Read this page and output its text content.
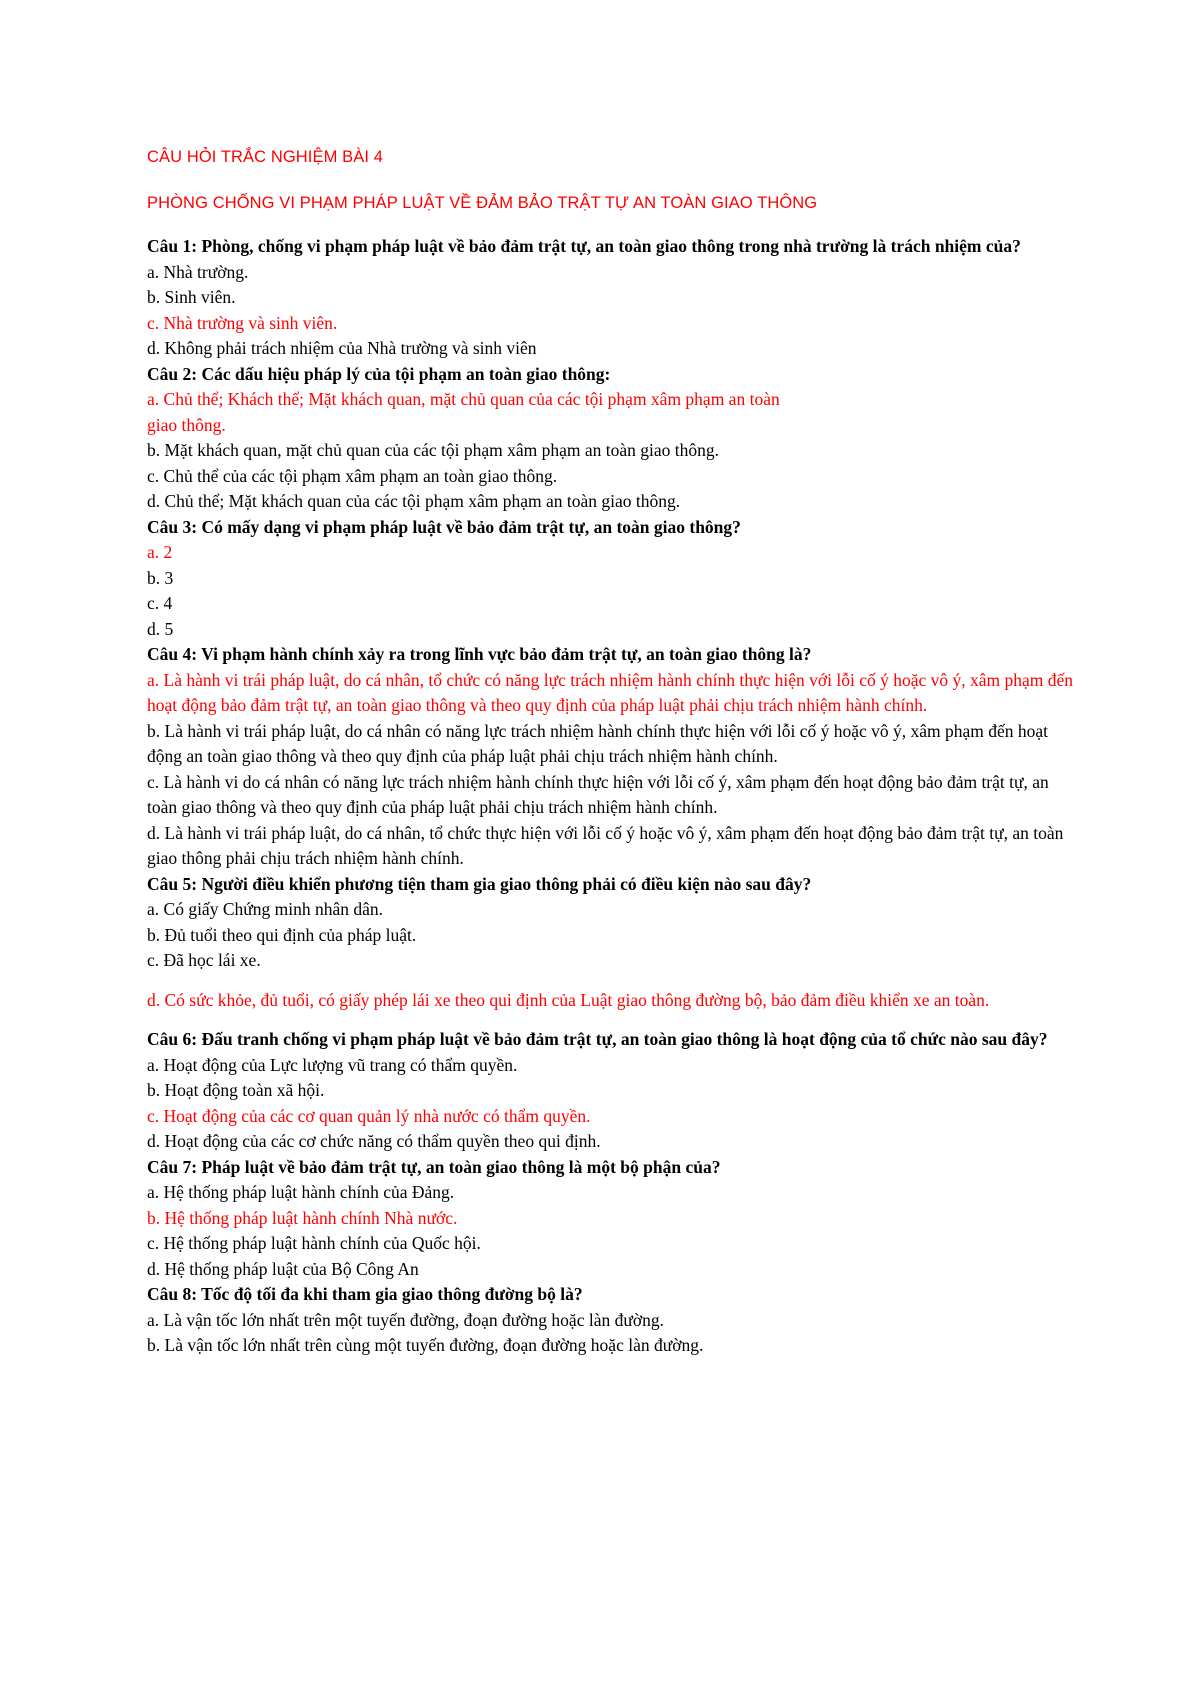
CÂU HỎI TRẮC NGHIỆM BÀI 4
PHÒNG CHỐNG VI PHẠM PHÁP LUẬT VỀ ĐẢM BẢO TRẬT TỰ AN TOÀN GIAO THÔNG
Câu 1: Phòng, chống vi phạm pháp luật về bảo đảm trật tự, an toàn giao thông trong nhà trường là trách nhiệm của?
a. Nhà trường.
b. Sinh viên.
c. Nhà trường và sinh viên.
d. Không phải trách nhiệm của Nhà trường và sinh viên
Câu 2: Các dấu hiệu pháp lý của tội phạm an toàn giao thông:
a. Chủ thể; Khách thể; Mặt khách quan, mặt chủ quan của các tội phạm xâm phạm an toàn giao thông.
b. Mặt khách quan, mặt chủ quan của các tội phạm xâm phạm an toàn giao thông.
c. Chủ thể của các tội phạm xâm phạm an toàn giao thông.
d. Chủ thể; Mặt khách quan của các tội phạm xâm phạm an toàn giao thông.
Câu 3: Có mấy dạng vi phạm pháp luật về bảo đảm trật tự, an toàn giao thông?
a. 2
b. 3
c. 4
d. 5
Câu 4: Vi phạm hành chính xảy ra trong lĩnh vực bảo đảm trật tự, an toàn giao thông là?
a. Là hành vi trái pháp luật, do cá nhân, tổ chức có năng lực trách nhiệm hành chính thực hiện với lỗi cố ý hoặc vô ý, xâm phạm đến hoạt động bảo đảm trật tự, an toàn giao thông và theo quy định của pháp luật phải chịu trách nhiệm hành chính.
b. Là hành vi trái pháp luật, do cá nhân có năng lực trách nhiệm hành chính thực hiện với lỗi cố ý hoặc vô ý, xâm phạm đến hoạt động an toàn giao thông và theo quy định của pháp luật phải chịu trách nhiệm hành chính.
c. Là hành vi do cá nhân có năng lực trách nhiệm hành chính thực hiện với lỗi cố ý, xâm phạm đến hoạt động bảo đảm trật tự, an toàn giao thông và theo quy định của pháp luật phải chịu trách nhiệm hành chính.
d. Là hành vi trái pháp luật, do cá nhân, tổ chức thực hiện với lỗi cố ý hoặc vô ý, xâm phạm đến hoạt động bảo đảm trật tự, an toàn giao thông phải chịu trách nhiệm hành chính.
Câu 5: Người điều khiển phương tiện tham gia giao thông phải có điều kiện nào sau đây?
a. Có giấy Chứng minh nhân dân.
b. Đủ tuổi theo qui định của pháp luật.
c. Đã học lái xe.
d. Có sức khỏe, đủ tuổi, có giấy phép lái xe theo qui định của Luật giao thông đường bộ, bảo đảm điều khiển xe an toàn.
Câu 6: Đấu tranh chống vi phạm pháp luật về bảo đảm trật tự, an toàn giao thông là hoạt động của tổ chức nào sau đây?
a. Hoạt động của Lực lượng vũ trang có thẩm quyền.
b. Hoạt động toàn xã hội.
c. Hoạt động của các cơ quan quản lý nhà nước có thẩm quyền.
d. Hoạt động của các cơ chức năng có thẩm quyền theo qui định.
Câu 7: Pháp luật về bảo đảm trật tự, an toàn giao thông là một bộ phận của?
a. Hệ thống pháp luật hành chính của Đảng.
b. Hệ thống pháp luật hành chính Nhà nước.
c. Hệ thống pháp luật hành chính của Quốc hội.
d. Hệ thống pháp luật của Bộ Công An
Câu 8: Tốc độ tối đa khi tham gia giao thông đường bộ là?
a. Là vận tốc lớn nhất trên một tuyến đường, đoạn đường hoặc làn đường.
b. Là vận tốc lớn nhất trên cùng một tuyến đường, đoạn đường hoặc làn đường.
